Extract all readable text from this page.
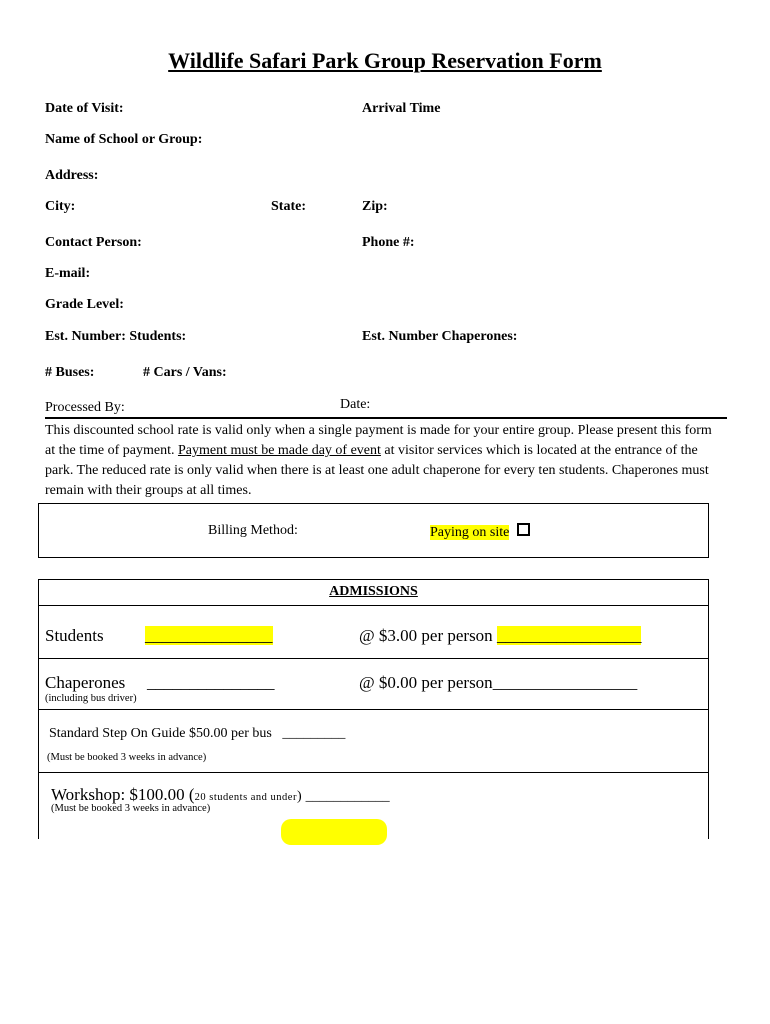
Wildlife Safari Park Group Reservation Form
Date of Visit:	Arrival Time
Name of School or Group:
Address:
City:	State:	Zip:
Contact Person:	Phone #:
E-mail:
Grade Level:
Est. Number: Students:	Est. Number Chaperones:
# Buses:	# Cars / Vans:
Processed By:	Date:
This discounted school rate is valid only when a single payment is made for your entire group. Please present this form at the time of payment. Payment must be made day of event at visitor services which is located at the entrance of the park. The reduced rate is only valid when there is at least one adult chaperone for every ten students. Chaperones must remain with their groups at all times.
Billing Method:	Paying on site
ADMISSIONS
Students _______________	@ $3.00 per person _________________
Chaperones _______________	@ $0.00 per person_________________
(including bus driver)
Standard Step On Guide $50.00 per bus _________
(Must be booked 3 weeks in advance)
Workshop: $100.00 (20 students and under) ____________
(Must be booked 3 weeks in advance)
